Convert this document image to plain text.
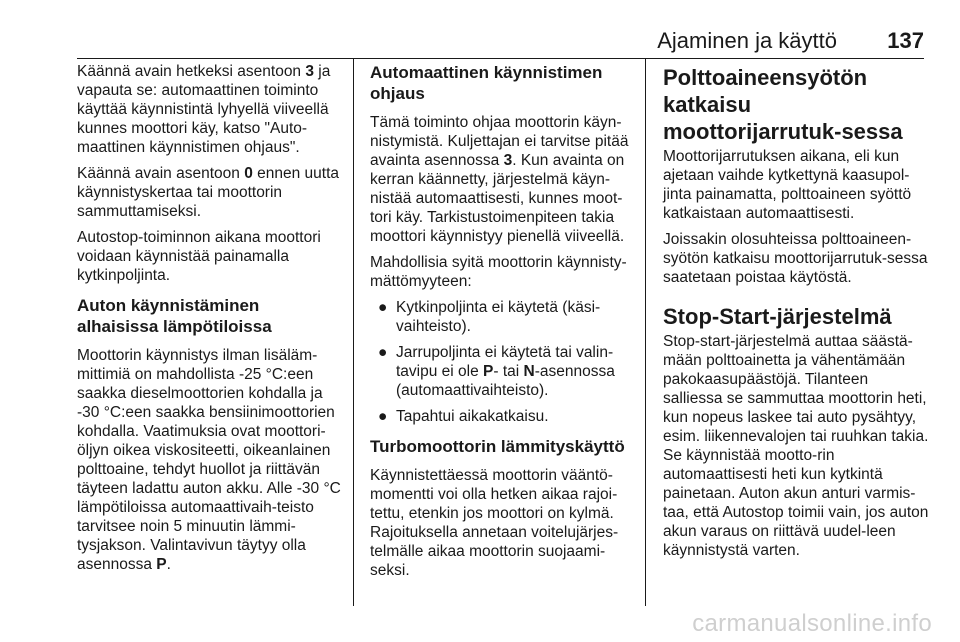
Ajaminen ja käyttö 137

Käännä avain hetkeksi asentoon 3 ja vapauta se: automaattinen toiminto käyttää käynnistintä lyhyellä viiveellä kunnes moottori käy, katso "Auto-maattinen käynnistimen ohjaus".

Käännä avain asentoon 0 ennen uutta käynnistyskertaa tai moottorin sammuttamiseksi.

Autostop-toiminnon aikana moottori voidaan käynnistää painamalla kytkinpoljinta.

Auton käynnistäminen alhaisissa lämpötiloissa

Moottorin käynnistys ilman lisäläm-mittimiä on mahdollista -25 °C:een saakka dieselmoottorien kohdalla ja -30 °C:een saakka bensiinimoottorien kohdalla. Vaatimuksia ovat moottori-öljyn oikea viskositeetti, oikeanlainen polttoaine, tehdyt huollot ja riittävän täyteen ladattu auton akku. Alle -30 °C lämpötiloissa automaattivaih-teisto tarvitsee noin 5 minuutin lämmi-tysjakson. Valintavivun täytyy olla asennossa P.

Automaattinen käynnistimen ohjaus

Tämä toiminto ohjaa moottorin käyn-nistymistä. Kuljettajan ei tarvitse pitää avainta asennossa 3. Kun avainta on kerran käännetty, järjestelmä käyn-nistää automaattisesti, kunnes moot-tori käy. Tarkistustoimenpiteen takia moottori käynnistyy pienellä viiveellä.

Mahdollisia syitä moottorin käynnisty-mättömyyteen:

● Kytkinpoljinta ei käytetä (käsi-vaihteisto).
● Jarrupoljinta ei käytetä tai valin-tavipu ei ole P- tai N-asennossa (automaattivaihteisto).
● Tapahtui aikakatkaisu.
Turbomoottorin lämmityskäyttö

Käynnistettäessä moottorin vääntö-momentti voi olla hetken aikaa rajoi-tettu, etenkin jos moottori on kylmä. Rajoituksella annetaan voitelujärjes-telmälle aikaa moottorin suojaami-seksi.

Polttoaineensyötön katkaisu moottorijarrutuk-sessa

Moottorijarrutuksen aikana, eli kun ajetaan vaihde kytkettynä kaasupol-jinta painamatta, polttoaineen syöttö katkaistaan automaattisesti.

Joissakin olosuhteissa polttoaineen-syötön katkaisu moottorijarrutuk-sessa saatetaan poistaa käytöstä.

Stop-Start-järjestelmä

Stop-start-järjestelmä auttaa säästä-mään polttoainetta ja vähentämään pakokaasupäästöjä. Tilanteen salliessa se sammuttaa moottorin heti, kun nopeus laskee tai auto pysähtyy, esim. liikennevalojen tai ruuhkan takia. Se käynnistää mootto-rin automaattisesti heti kun kytkintä painetaan. Auton akun anturi varmis-taa, että Autostop toimii vain, jos auton akun varaus on riittävä uudel-leen käynnistystä varten.

carmanualsonline.info
